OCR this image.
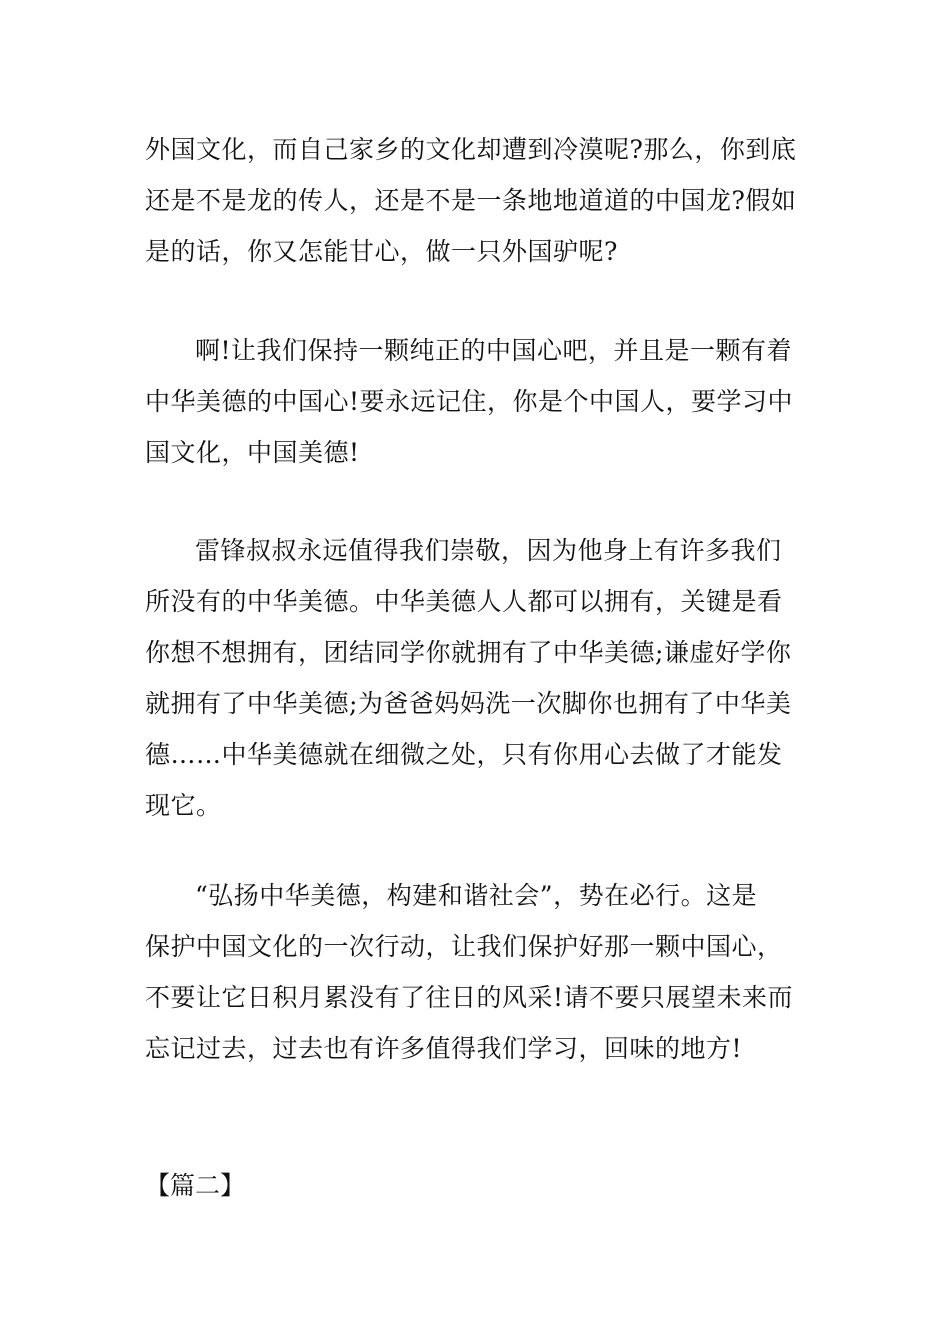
外国文化，而自己家乡的文化却遭到冷漠呢?那么，你到底
还是不是龙的传人，还是不是一条地地道道的中国龙?假如
是的话，你又怎能甘心，做一只外国驴呢?
啊!让我们保持一颗纯正的中国心吧，并且是一颗有着
中华美德的中国心!要永远记住，你是个中国人，要学习中
国文化，中国美德!
雷锋叔叔永远值得我们崇敬，因为他身上有许多我们
所没有的中华美德。中华美德人人都可以拥有，关键是看
你想不想拥有，团结同学你就拥有了中华美德;谦虚好学你
就拥有了中华美德;为爸爸妈妈洗一次脚你也拥有了中华美
德……中华美德就在细微之处，只有你用心去做了才能发
现它。
“弘扬中华美德，构建和谐社会”，势在必行。这是
保护中国文化的一次行动，让我们保护好那一颗中国心，
不要让它日积月累没有了往日的风采!请不要只展望未来而
忘记过去，过去也有许多值得我们学习，回味的地方!
【篇二】
